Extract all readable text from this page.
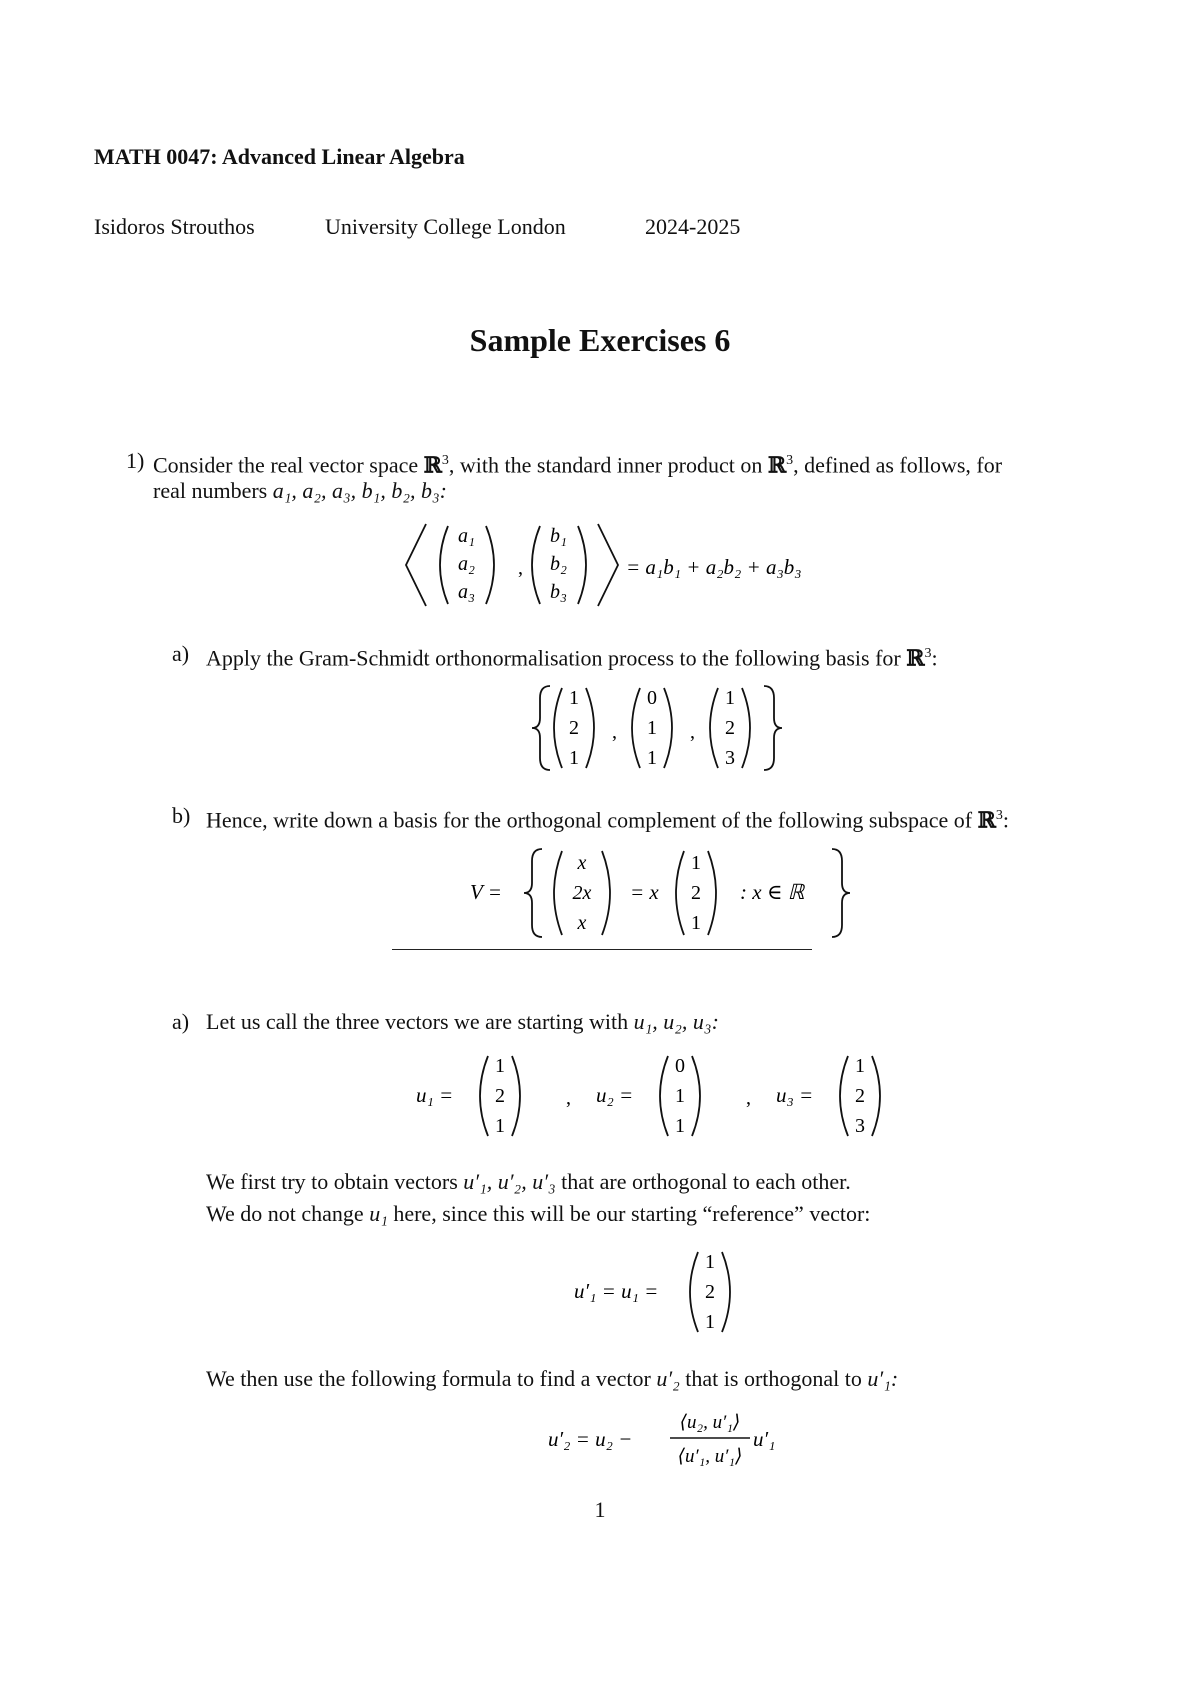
MATH 0047: Advanced Linear Algebra
Isidoros Strouthos	University College London	2024-2025
Sample Exercises 6
1) Consider the real vector space ℝ$^3$, with the standard inner product on ℝ$^3$, defined as follows, for
real numbers a₁, a₂, a₃, b₁, b₂, b₃:
a₁
a₂
a₃
,
b₁
b₂
b₃
= a₁b₁ + a₂b₂ + a₃b₃
a) Apply the Gram-Schmidt orthonormalisation process to the following basis for ℝ$^3$:
1
2
1
,
0
1
1
,
1
2
3
b) Hence, write down a basis for the orthogonal complement of the following subspace of ℝ$^3$:
V =
x
2x
x
= x
1
2
1
: x ∈ ℝ
a) Let us call the three vectors we are starting with u₁, u₂, u₃:
u₁ =
1
2
1
, u₂ =
0
1
1
, u₃ =
1
2
3
We first try to obtain vectors u′₁, u′₂, u′₃ that are orthogonal to each other.
We do not change u₁ here, since this will be our starting “reference” vector:
u′₁ = u₁ =
1
2
1
We then use the following formula to find a vector u′₂ that is orthogonal to u′₁:
u′₂ = u₂ −
⟨u₂, u′₁⟩
⟨u′₁, u′₁⟩
u′₁
1
